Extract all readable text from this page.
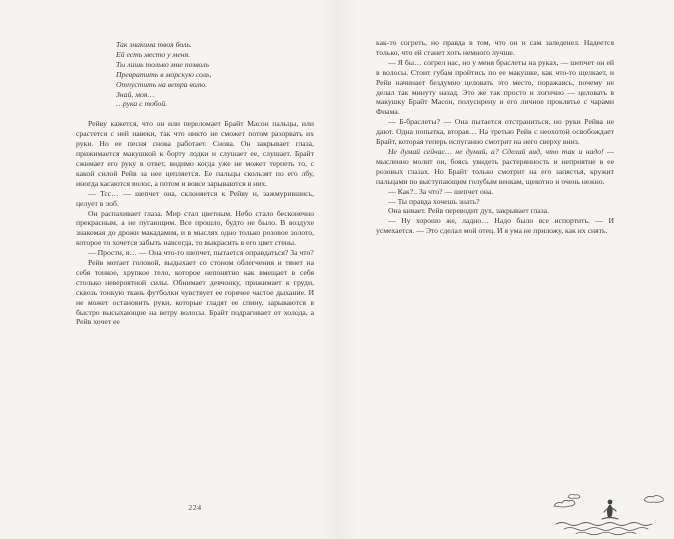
Так знакома твоя боль.
Ей есть место у меня.
Ты лишь только мне позволь
Превратить в морскую соль,
Отпустить на ветра волю.
Знай, моя…
…рука с тобой.

Рейву кажется, что он или переломает Брайт Масон пальцы, или срастется с ней навеки, так что никто не сможет потом разорвать их руки. Но ее песня снова работает. Снова. Он закрывает глаза, прижимается макушкой к борту лодки и слушает ее, слушает. Брайт сжимает его руку в ответ, видимо когда уже не может терпеть то, с какой силой Рейв за нее цепляется. Ее пальцы скользят по его лбу, иногда касаются волос, а потом и вовсе зарываются в них.

— Тсс… — шепчет она, склоняется к Рейву и, зажмурившись, целует в лоб.

Он распахивает глаза. Мир стал цветным. Небо стало бесконечно прекрасным, а не пугающим. Все прошло, будто не было. В воздухе знакомая до дрожи макадамия, и в мыслях одно только розовое золото, которое то хочется забыть навсегда, то выкрасить в его цвет стены.

— Прости, я… — Она что-то шепчет, пытается оправдаться? За что?

Рейв мотает головой, выдыхает со стоном облегчения и тянет на себя тонкое, хрупкое тело, которое непонятно как вмещает в себя столько невероятной силы. Обнимает девчонку, прижимает к груди, сквозь тонкую ткань футболки чувствует ее горячее частое дыхание. И не может остановить руки, которые гладят ее спину, зарываются в быстро высыхающие на ветру волосы. Брайт подрагивает от холода, а Рейв хочет ее

224

как-то согреть, но правда в том, что он и сам заледенел. Надеется только, что ей станет хоть немного лучше.

— Я бы… согрел нас, но у меня браслеты на руках, — шепчет он ей в волосы. Стоит губам пройтись по ее макушке, как что-то щелкает, и Рейв начинает бездумно целовать это место, поражаясь, почему не делал так минуту назад. Это же так просто и логично — целовать в макушку Брайт Масон, полусирену и его личное проклятье с чарами Фиама.

— Б-браслеты? — Она пытается отстраниться, но руки Рейва не дают. Одна попытка, вторая… На третью Рейв с неохотой освобождает Брайт, которая теперь испуганно смотрит на него сверху вниз.

Не думай сейчас… не думай, а? Сделай вид, что так и надо! — мысленно молит он, боясь увидеть растерянность и неприятие в ее розовых глазах. Но Брайт только смотрит на его запястья, кружит пальцами по выступающим голубым венкам, щекотно и очень нежно.

— Как?.. За что? — шепчет она.

— Ты правда хочешь знать?

Она кивает. Рейв переводит дух, закрывает глаза.

— Ну хорошо же, ладно… Надо было все испортить. — И усмехается. — Это сделал мой отец. И я ума не приложу, как их снять.
